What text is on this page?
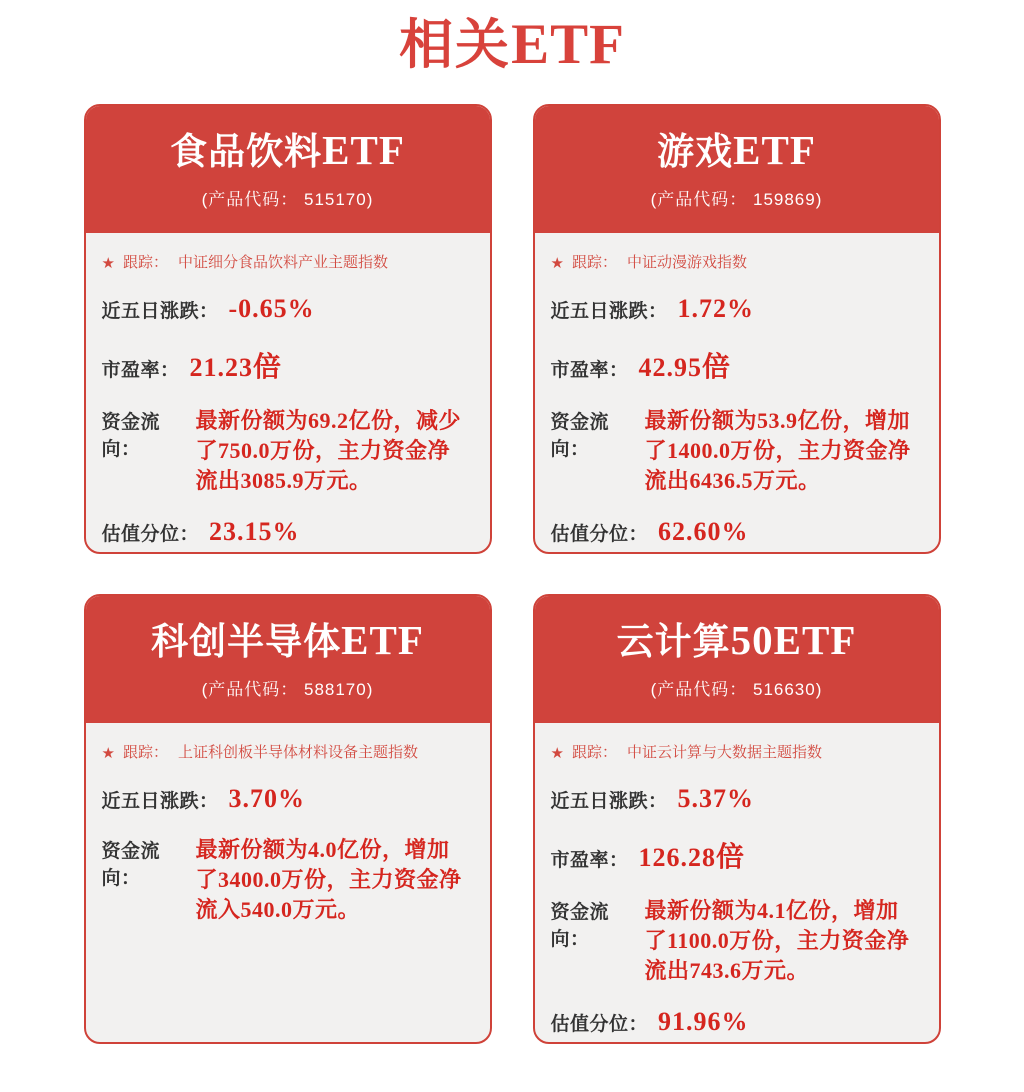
相关ETF
食品饮料ETF
(产品代码： 515170)
★ 跟踪： 中证细分食品饮料产业主题指数
近五日涨跌： -0.65%
市盈率： 21.23倍
资金流向：
最新份额为69.2亿份，减少了750.0万份，主力资金净流出3085.9万元。
估值分位： 23.15%
游戏ETF
(产品代码： 159869)
★ 跟踪： 中证动漫游戏指数
近五日涨跌： 1.72%
市盈率： 42.95倍
资金流向：
最新份额为53.9亿份，增加了1400.0万份，主力资金净流出6436.5万元。
估值分位： 62.60%
科创半导体ETF
(产品代码： 588170)
★ 跟踪： 上证科创板半导体材料设备主题指数
近五日涨跌： 3.70%
资金流向：
最新份额为4.0亿份，增加了3400.0万份，主力资金净流入540.0万元。
云计算50ETF
(产品代码： 516630)
★ 跟踪： 中证云计算与大数据主题指数
近五日涨跌： 5.37%
市盈率： 126.28倍
资金流向：
最新份额为4.1亿份，增加了1100.0万份，主力资金净流出743.6万元。
估值分位： 91.96%
